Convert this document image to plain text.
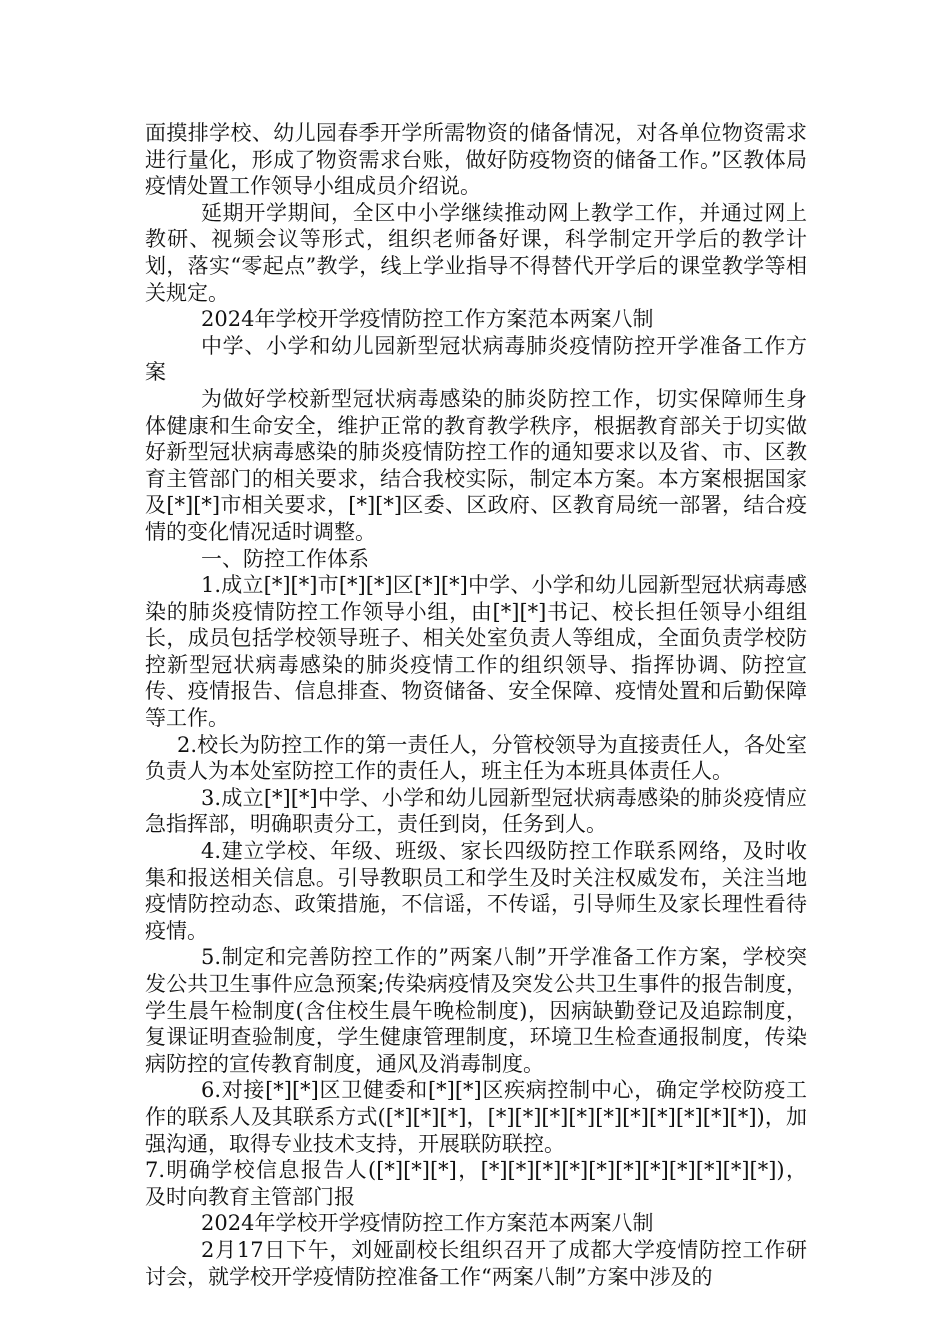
面摸排学校、幼儿园春季开学所需物资的储备情况，对各单位物资需求进行量化，形成了物资需求台账，做好防疫物资的储备工作。”区教体局疫情处置工作领导小组成员介绍说。

延期开学期间，全区中小学继续推动网上教学工作，并通过网上教研、视频会议等形式，组织老师备好课，科学制定开学后的教学计划，落实“零起点”教学，线上学业指导不得替代开学后的课堂教学等相关规定。

2024年学校开学疫情防控工作方案范本两案八制

中学、小学和幼儿园新型冠状病毒肺炎疫情防控开学准备工作方案

为做好学校新型冠状病毒感染的肺炎防控工作，切实保障师生身体健康和生命安全，维护正常的教育教学秩序，根据教育部关于切实做好新型冠状病毒感染的肺炎疫情防控工作的通知要求以及省、市、区教育主管部门的相关要求，结合我校实际，制定本方案。本方案根据国家及[*][*]市相关要求，[*][*]区委、区政府、区教育局统一部署，结合疫情的变化情况适时调整。

一、防控工作体系

1.成立[*][*]市[*][*]区[*][*]中学、小学和幼儿园新型冠状病毒感染的肺炎疫情防控工作领导小组，由[*][*]书记、校长担任领导小组组长，成员包括学校领导班子、相关处室负责人等组成，全面负责学校防控新型冠状病毒感染的肺炎疫情工作的组织领导、指挥协调、防控宣传、疫情报告、信息排查、物资储备、安全保障、疫情处置和后勤保障等工作。

2.校长为防控工作的第一责任人，分管校领导为直接责任人，各处室负责人为本处室防控工作的责任人，班主任为本班具体责任人。

3.成立[*][*]中学、小学和幼儿园新型冠状病毒感染的肺炎疫情应急指挥部，明确职责分工，责任到岗，任务到人。

4.建立学校、年级、班级、家长四级防控工作联系网络，及时收集和报送相关信息。引导教职员工和学生及时关注权威发布，关注当地疫情防控动态、政策措施，不信谣，不传谣，引导师生及家长理性看待疫情。

5.制定和完善防控工作的”两案八制”开学准备工作方案，学校突发公共卫生事件应急预案;传染病疫情及突发公共卫生事件的报告制度，学生晨午检制度(含住校生晨午晚检制度)，因病缺勤登记及追踪制度，复课证明查验制度，学生健康管理制度，环境卫生检查通报制度，传染病防控的宣传教育制度，通风及消毒制度。

6.对接[*][*]区卫健委和[*][*]区疾病控制中心，确定学校防疫工作的联系人及其联系方式([*][*][*]，[*][*][*][*][*][*][*][*][*][*])，加强沟通，取得专业技术支持，开展联防联控。

7.明确学校信息报告人([*][*][*]，[*][*][*][*][*][*][*][*][*][*][*])，及时向教育主管部门报

2024年学校开学疫情防控工作方案范本两案八制

2月17日下午，刘娅副校长组织召开了成都大学疫情防控工作研讨会，就学校开学疫情防控准备工作“两案八制”方案中涉及的
